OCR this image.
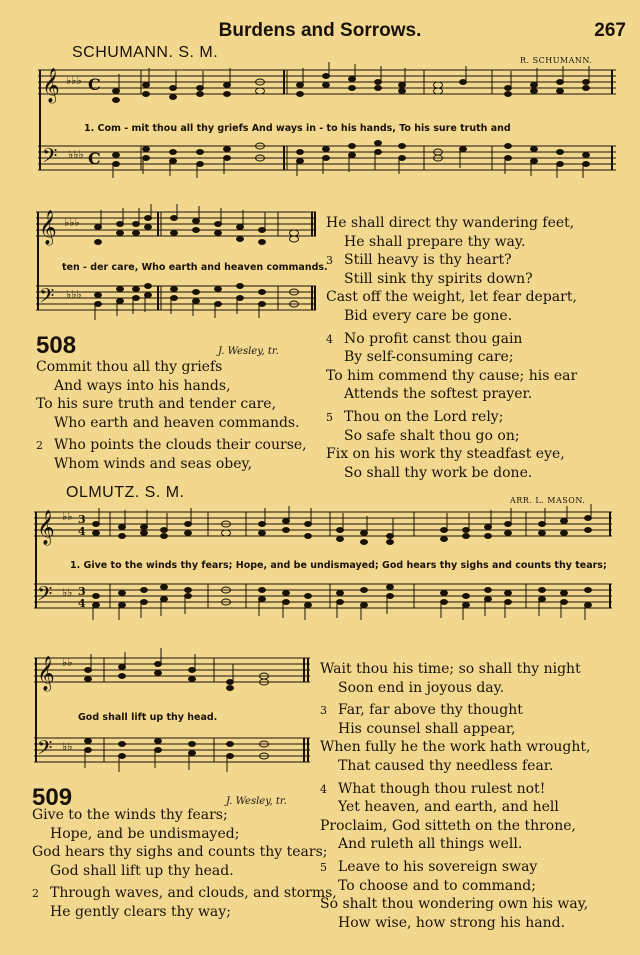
Burdens and Sorrows.	267
SCHUMANN. S. M.	R. SCHUMANN.
𝄞
𝄢
♭♭♭
♭♭♭
C
C
1. Com - mit thou all thy griefs And ways in - to his hands, To his sure truth and
𝄞
𝄢
♭♭♭
♭♭♭
ten - der care, Who earth and heaven commands.
He shall direct thy wandering feet,
He shall prepare thy way.
3 Still heavy is thy heart?
Still sink thy spirits down?
Cast off the weight, let fear depart,
Bid every care be gone.
4 No profit canst thou gain
By self-consuming care;
To him commend thy cause; his ear
Attends the softest prayer.
5 Thou on the Lord rely;
So safe shalt thou go on;
Fix on his work thy steadfast eye,
So shall thy work be done.
508	J. Wesley, tr.
Commit thou all thy griefs
And ways into his hands,
To his sure truth and tender care,
Who earth and heaven commands.
2 Who points the clouds their course,
Whom winds and seas obey,
OLMUTZ. S. M.	ARR. L. MASON.
𝄞
𝄢
♭♭
♭♭
3
4
3
4
1. Give to the winds thy fears; Hope, and be undismayed; God hears thy sighs and counts thy tears;
𝄞
𝄢
♭♭
♭♭
God shall lift up thy head.
Wait thou his time; so shall thy night
Soon end in joyous day.
3 Far, far above thy thought
His counsel shall appear,
When fully he the work hath wrought,
That caused thy needless fear.
4 What though thou rulest not!
Yet heaven, and earth, and hell
Proclaim, God sitteth on the throne,
And ruleth all things well.
5 Leave to his sovereign sway
To choose and to command;
So shalt thou wondering own his way,
How wise, how strong his hand.
509	J. Wesley, tr.
Give to the winds thy fears;
Hope, and be undismayed;
God hears thy sighs and counts thy tears;
God shall lift up thy head.
2 Through waves, and clouds, and storms,
He gently clears thy way;
